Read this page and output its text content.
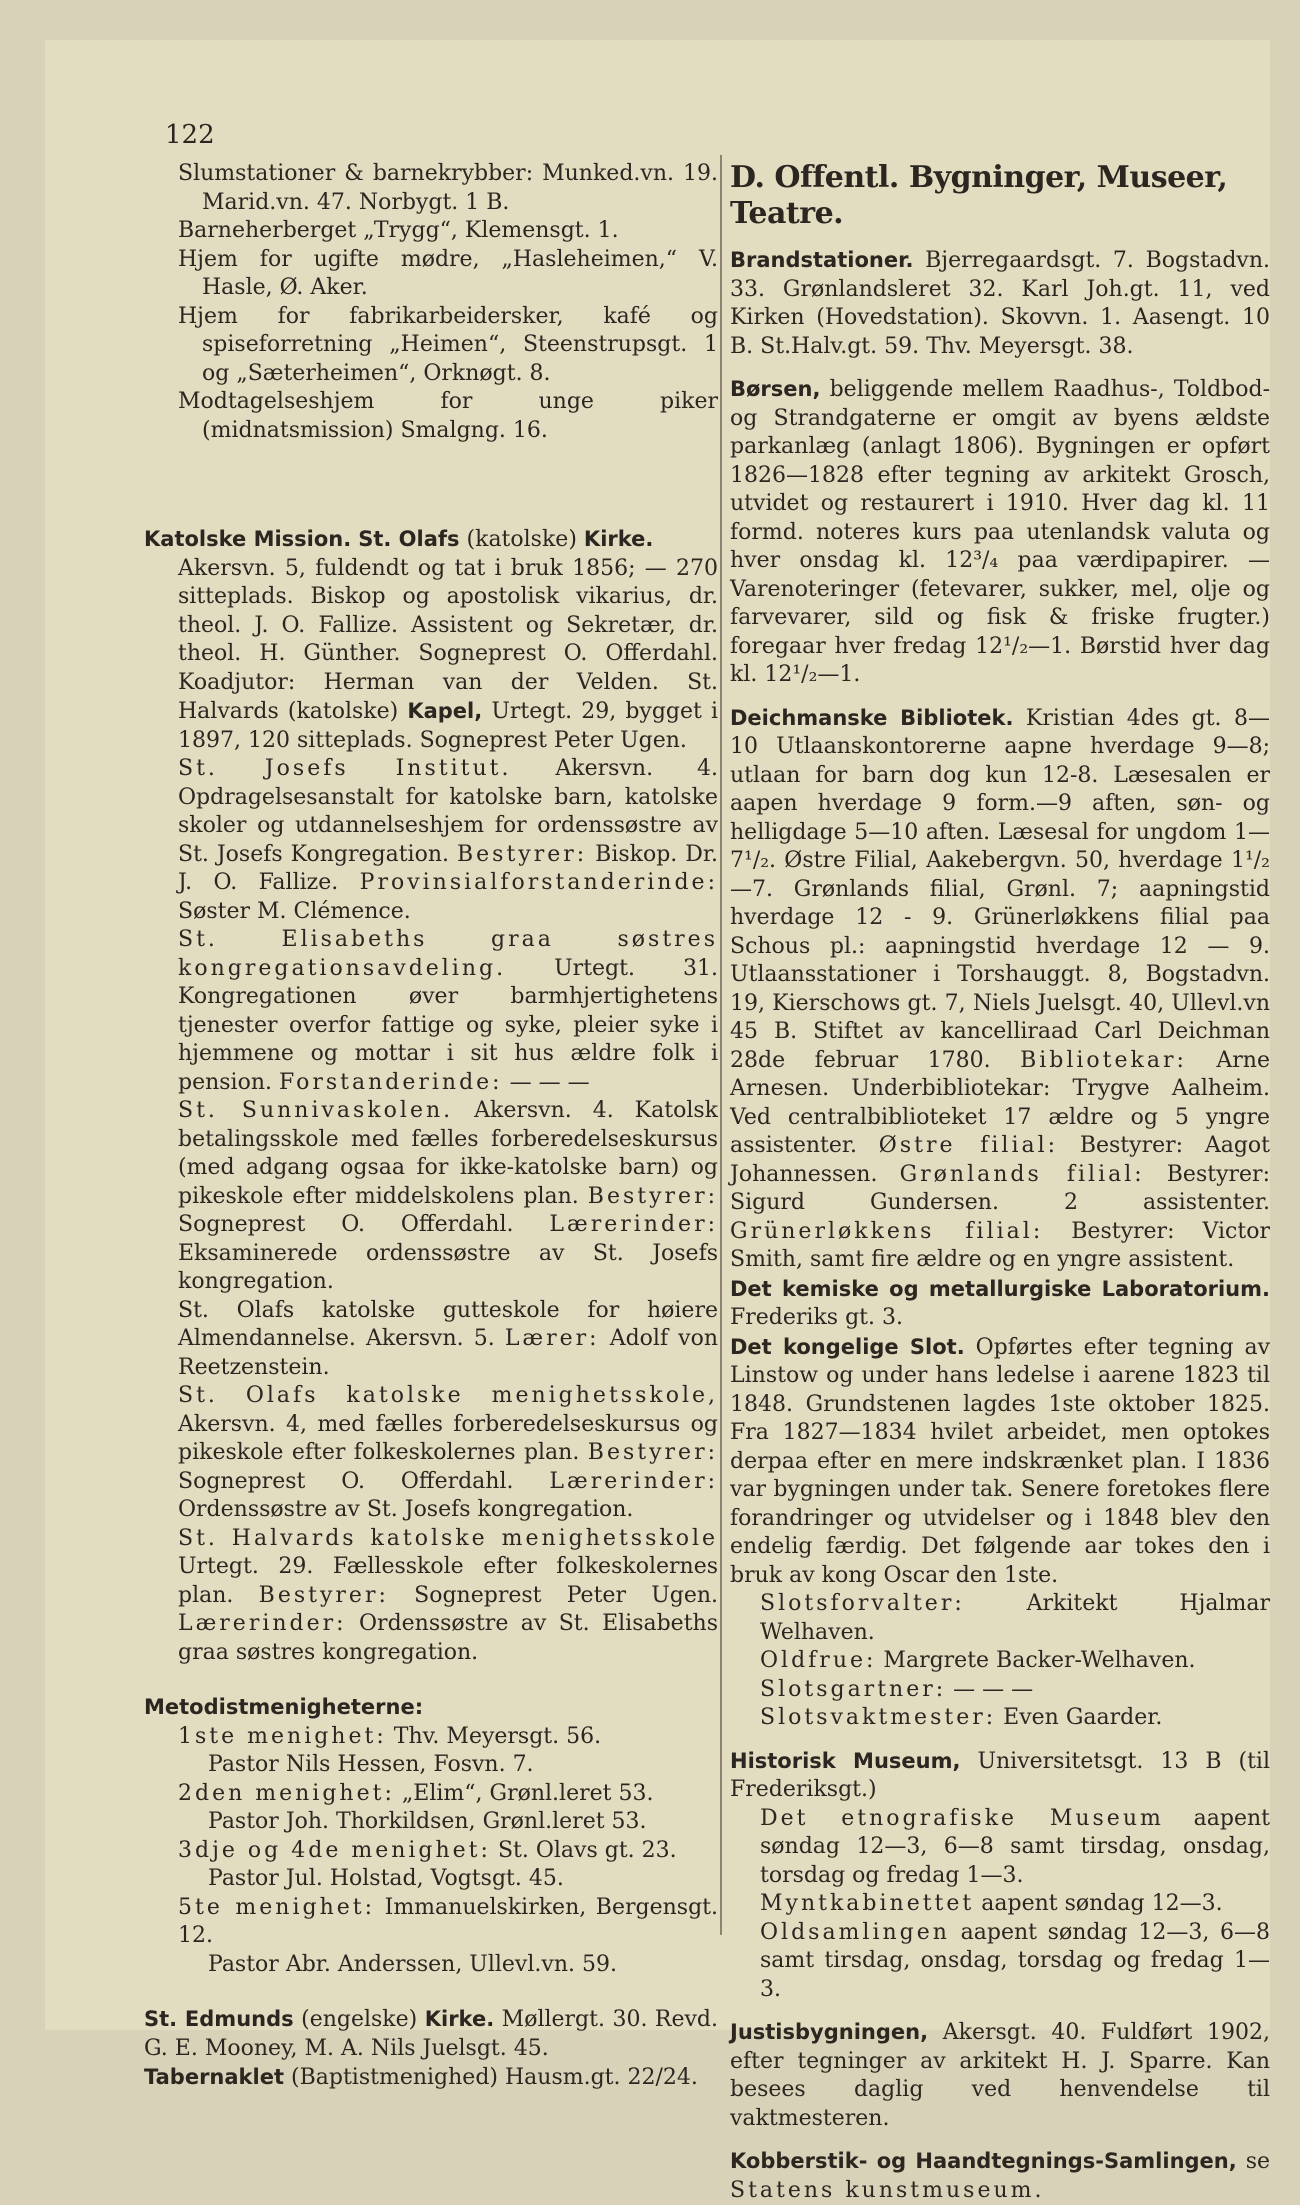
122

Slumstationer & barnekrybber: Munked.vn. 19. Marid.vn. 47. Norbygt. 1 B.

Barneherberget „Trygg“, Klemensgt. 1.

Hjem for ugifte mødre, „Hasleheimen,“ V. Hasle, Ø. Aker.

Hjem for fabrikarbeidersker, kafé og spiseforretning „Heimen“, Steenstrupsgt. 1 og „Sæterheimen“, Orknøgt. 8.

Modtagelseshjem for unge piker (midnatsmission) Smalgng. 16.

Katolske Mission. St. Olafs (katolske) Kirke.

Akersvn. 5, fuldendt og tat i bruk 1856; — 270 sitteplads. Biskop og apostolisk vikarius, dr. theol. J. O. Fallize. Assistent og Sekretær, dr. theol. H. Günther. Sogneprest O. Offerdahl. Koadjutor: Herman van der Velden. St. Halvards (katolske) Kapel, Urtegt. 29, bygget i 1897, 120 sitteplads. Sogneprest Peter Ugen.

St. Josefs Institut. Akersvn. 4. Opdragelsesanstalt for katolske barn, katolske skoler og utdannelseshjem for ordenssøstre av St. Josefs Kongregation. Bestyrer: Biskop. Dr. J. O. Fallize. Provinsialforstanderinde: Søster M. Clémence.

St. Elisabeths graa søstres kongregationsavdeling. Urtegt. 31. Kongregationen øver barmhjertighetens tjenester overfor fattige og syke, pleier syke i hjemmene og mottar i sit hus ældre folk i pension. Forstanderinde: — — —

St. Sunnivaskolen. Akersvn. 4. Katolsk betalingsskole med fælles forberedelseskursus (med adgang ogsaa for ikke-katolske barn) og pikeskole efter middelskolens plan. Bestyrer: Sogneprest O. Offerdahl. Lærerinder: Eksaminerede ordenssøstre av St. Josefs kongregation.

St. Olafs katolske gutteskole for høiere Almendannelse. Akersvn. 5. Lærer: Adolf von Reetzenstein.

St. Olafs katolske menighetsskole, Akersvn. 4, med fælles forberedelseskursus og pikeskole efter folkeskolernes plan. Bestyrer: Sogneprest O. Offerdahl. Lærerinder: Ordenssøstre av St. Josefs kongregation.

St. Halvards katolske menighetsskole Urtegt. 29. Fællesskole efter folkeskolernes plan. Bestyrer: Sogneprest Peter Ugen. Lærerinder: Ordenssøstre av St. Elisabeths graa søstres kongregation.

Metodistmenigheterne:

1ste menighet: Thv. Meyersgt. 56.

Pastor Nils Hessen, Fosvn. 7.

2den menighet: „Elim“, Grønl.leret 53.

Pastor Joh. Thorkildsen, Grønl.leret 53.

3dje og 4de menighet: St. Olavs gt. 23.

Pastor Jul. Holstad, Vogtsgt. 45.

5te menighet: Immanuelskirken, Bergensgt. 12.

Pastor Abr. Anderssen, Ullevl.vn. 59.

St. Edmunds (engelske) Kirke. Møllergt. 30. Revd. G. E. Mooney, M. A. Nils Juelsgt. 45.

Tabernaklet (Baptistmenighed) Hausm.gt. 22/24.

D. Offentl. Bygninger, Museer, Teatre.

Brandstationer. Bjerregaardsgt. 7. Bogstadvn. 33. Grønlandsleret 32. Karl Joh.gt. 11, ved Kirken (Hovedstation). Skovvn. 1. Aasengt. 10 B. St.Halv.gt. 59. Thv. Meyersgt. 38.

Børsen, beliggende mellem Raadhus-, Toldbod- og Strandgaterne er omgit av byens ældste parkanlæg (anlagt 1806). Bygningen er opført 1826—1828 efter tegning av arkitekt Grosch, utvidet og restaurert i 1910. Hver dag kl. 11 formd. noteres kurs paa utenlandsk valuta og hver onsdag kl. 12³/₄ paa værdipapirer. — Varenoteringer (fetevarer, sukker, mel, olje og farvevarer, sild og fisk & friske frugter.) foregaar hver fredag 12¹/₂—1. Børstid hver dag kl. 12¹/₂—1.

Deichmanske Bibliotek. Kristian 4des gt. 8—10 Utlaanskontorerne aapne hverdage 9—8; utlaan for barn dog kun 12-8. Læsesalen er aapen hverdage 9 form.—9 aften, søn- og helligdage 5—10 aften. Læsesal for ungdom 1—7¹/₂. Østre Filial, Aakebergvn. 50, hverdage 1¹/₂—7. Grønlands filial, Grønl. 7; aapningstid hverdage 12 - 9. Grünerløkkens filial paa Schous pl.: aapningstid hverdage 12 — 9. Utlaansstationer i Torshauggt. 8, Bogstadvn. 19, Kierschows gt. 7, Niels Juelsgt. 40, Ullevl.vn 45 B. Stiftet av kancelliraad Carl Deichman 28de februar 1780. Bibliotekar: Arne Arnesen. Underbibliotekar: Trygve Aalheim. Ved centralbiblioteket 17 ældre og 5 yngre assistenter. Østre filial: Bestyrer: Aagot Johannessen. Grønlands filial: Bestyrer: Sigurd Gundersen. 2 assistenter. Grünerløkkens filial: Bestyrer: Victor Smith, samt fire ældre og en yngre assistent.

Det kemiske og metallurgiske Laboratorium. Frederiks gt. 3.

Det kongelige Slot. Opførtes efter tegning av Linstow og under hans ledelse i aarene 1823 til 1848. Grundstenen lagdes 1ste oktober 1825. Fra 1827—1834 hvilet arbeidet, men optokes derpaa efter en mere indskrænket plan. I 1836 var bygningen under tak. Senere foretokes flere forandringer og utvidelser og i 1848 blev den endelig færdig. Det følgende aar tokes den i bruk av kong Oscar den 1ste.

Slotsforvalter:	Arkitekt Hjalmar Welhaven.

Oldfrue: Margrete Backer-Welhaven.

Slotsgartner: — — —

Slotsvaktmester: Even Gaarder.

Historisk Museum, Universitetsgt. 13 B (til Frederiksgt.)

Det etnografiske Museum aapent søndag 12—3, 6—8 samt tirsdag, onsdag, torsdag og fredag 1—3.

Myntkabinettet aapent søndag 12—3.

Oldsamlingen aapent søndag 12—3, 6—8 samt tirsdag, onsdag, torsdag og fredag 1—3.

Justisbygningen, Akersgt. 40. Fuldført 1902, efter tegninger av arkitekt H. J. Sparre. Kan besees daglig ved henvendelse til vaktmesteren.

Kobberstik- og Haandtegnings-Samlingen, se Statens kunstmuseum.
